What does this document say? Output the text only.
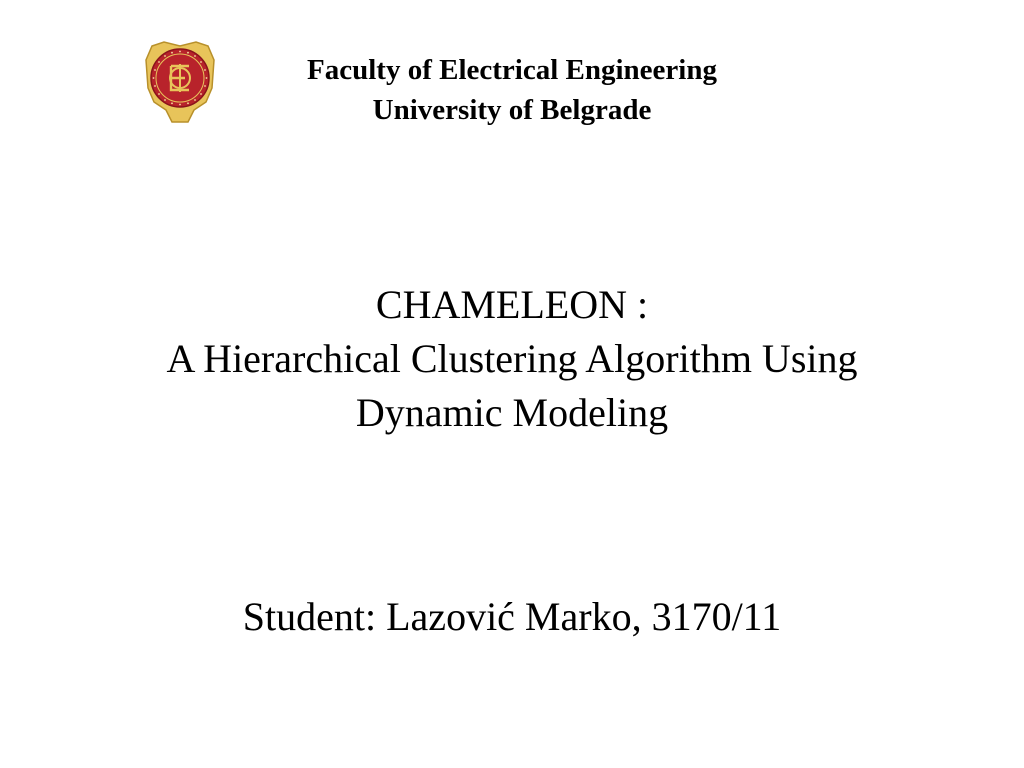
Faculty of Electrical Engineering
University of Belgrade
CHAMELEON :
A Hierarchical Clustering Algorithm Using
Dynamic Modeling
Student: Lazović Marko, 3170/11
